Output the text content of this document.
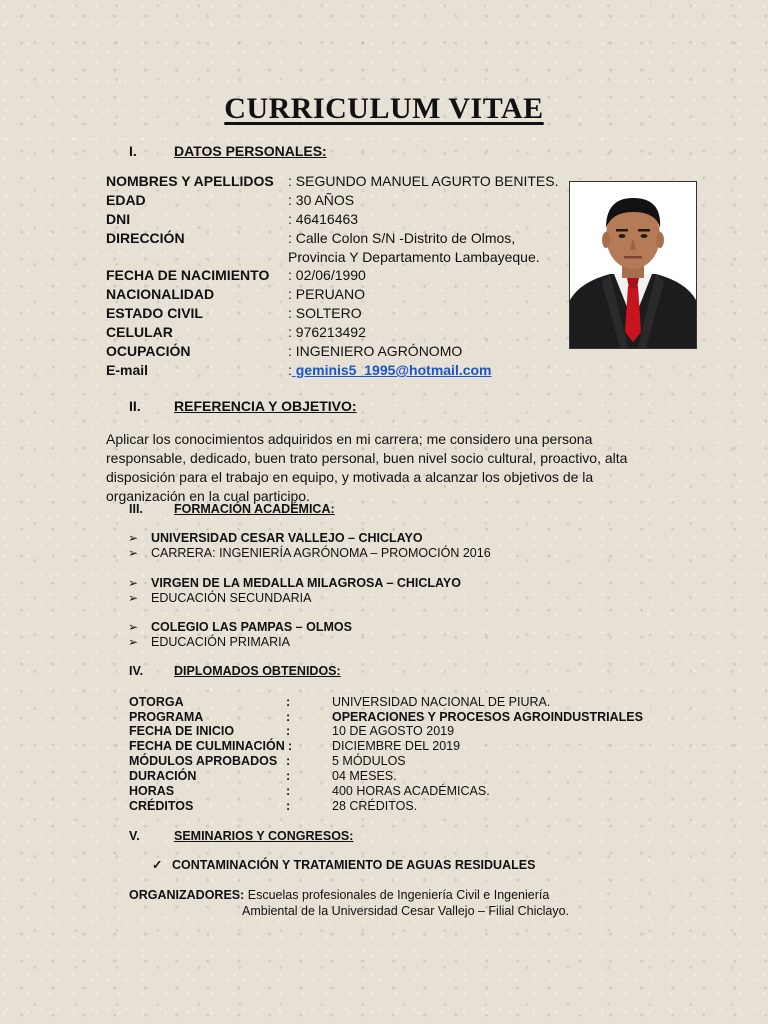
CURRICULUM VITAE
I.	DATOS PERSONALES:
NOMBRES Y APELLIDOS : SEGUNDO MANUEL AGURTO BENITES.
EDAD	: 30 AÑOS
DNI	: 46416463
DIRECCIÓN	: Calle Colon S/N -Distrito de Olmos,
Provincia Y Departamento Lambayeque.
FECHA DE NACIMIENTO : 02/06/1990
NACIONALIDAD	: PERUANO
ESTADO CIVIL	: SOLTERO
CELULAR	: 976213492
OCUPACIÓN	: INGENIERO AGRÓNOMO
E-mail	: geminis5_1995@hotmail.com
II. REFERENCIA Y OBJETIVO:
Aplicar los conocimientos adquiridos en mi carrera; me considero una persona responsable, dedicado, buen trato personal, buen nivel socio cultural, proactivo, alta disposición para el trabajo en equipo, y motivada a alcanzar los objetivos de la organización en la cual participo.
III. FORMACIÓN ACADÉMICA:
➢ UNIVERSIDAD CESAR VALLEJO – CHICLAYO
➢ CARRERA: INGENIERÍA AGRÓNOMA – PROMOCIÓN 2016
➢ VIRGEN DE LA MEDALLA MILAGROSA – CHICLAYO
➢ EDUCACIÓN SECUNDARIA
➢ COLEGIO LAS PAMPAS – OLMOS
➢ EDUCACIÓN PRIMARIA
IV. DIPLOMADOS OBTENIDOS:
OTORGA	:	UNIVERSIDAD NACIONAL DE PIURA.
PROGRAMA	:	OPERACIONES Y PROCESOS AGROINDUSTRIALES
FECHA DE INICIO	:	10 DE AGOSTO 2019
FECHA DE CULMINACIÓN :	DICIEMBRE DEL 2019
MÓDULOS APROBADOS :	5 MÓDULOS
DURACIÓN	:	04 MESES.
HORAS	:	400 HORAS ACADÉMICAS.
CRÉDITOS	:	28 CRÉDITOS.
V.	SEMINARIOS Y CONGRESOS:
✓ CONTAMINACIÓN Y TRATAMIENTO DE AGUAS RESIDUALES
ORGANIZADORES: Escuelas profesionales de Ingeniería Civil e Ingeniería
Ambiental de la Universidad Cesar Vallejo – Filial Chiclayo.
